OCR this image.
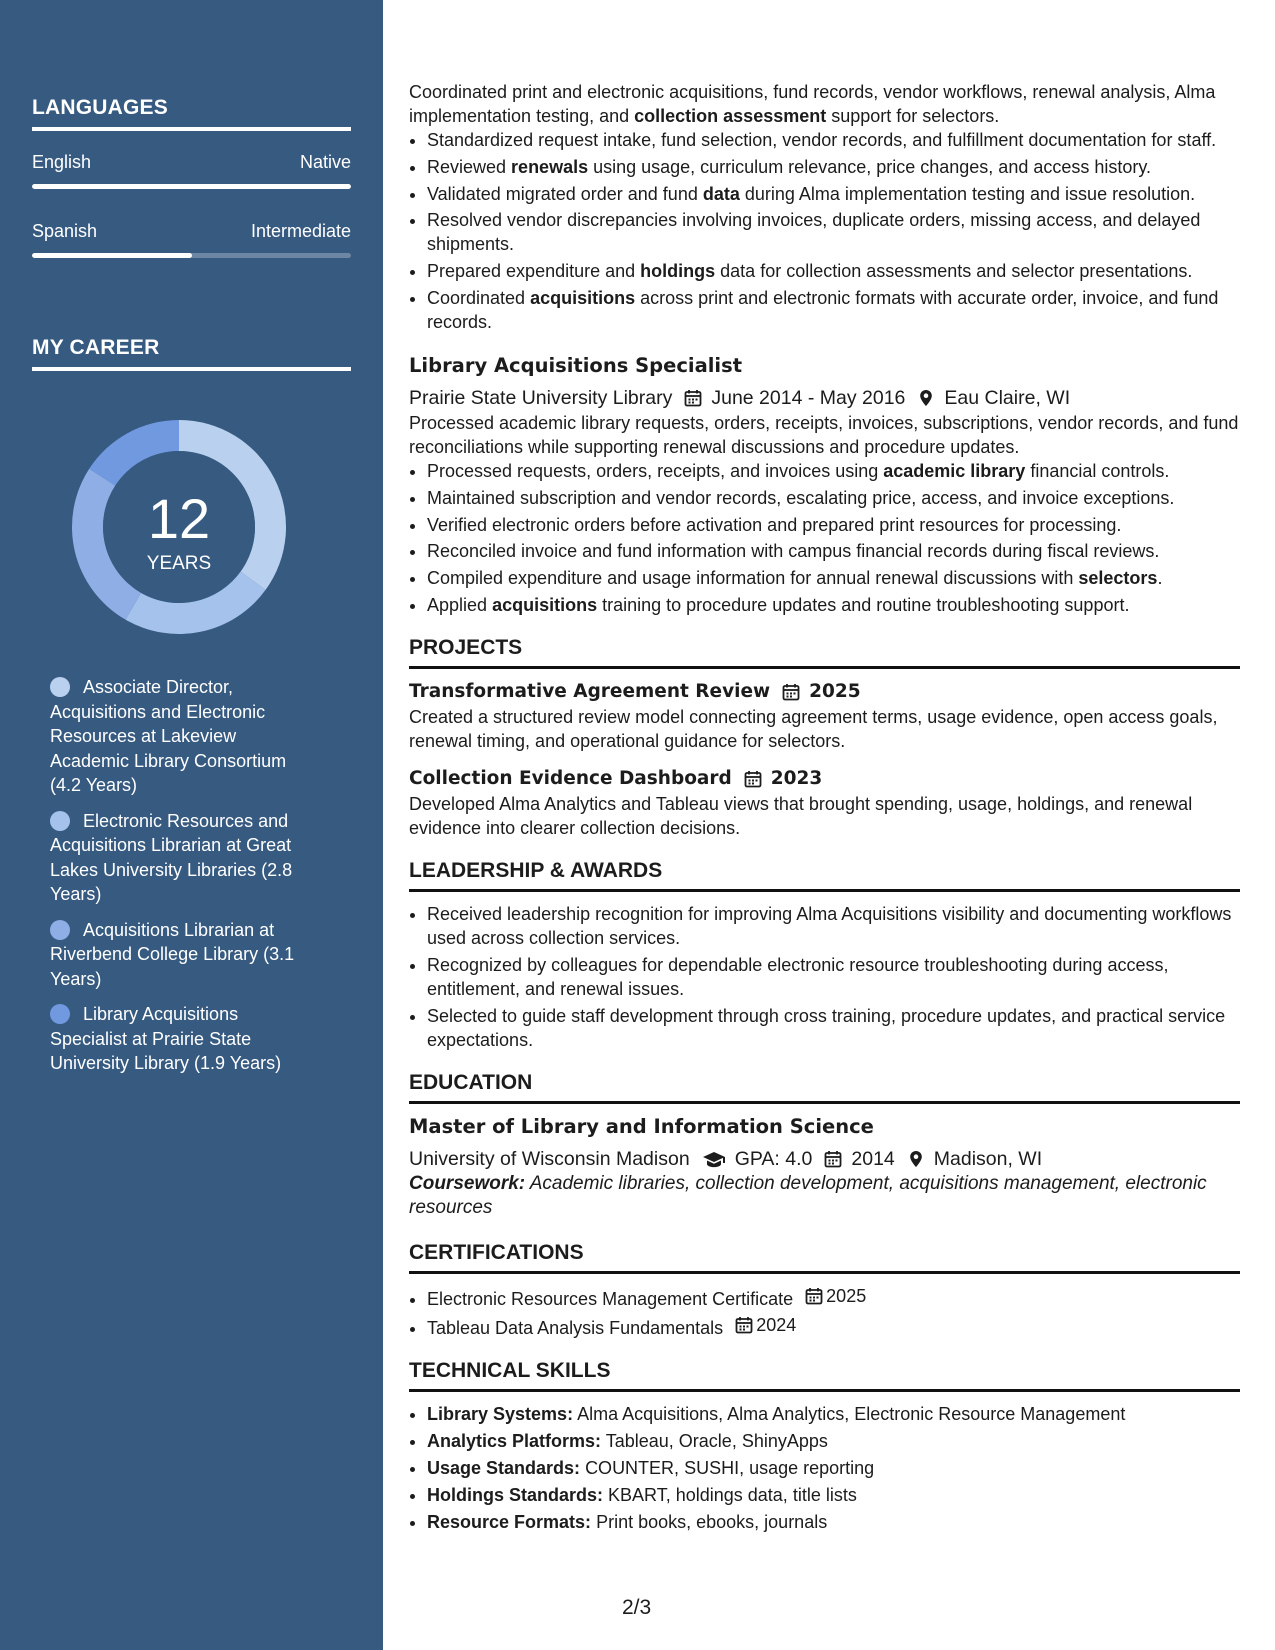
LANGUAGES
English	Native
Spanish	Intermediate
MY CAREER
12
YEARS
Associate Director, Acquisitions and Electronic Resources at Lakeview Academic Library Consortium (4.2 Years)
Electronic Resources and Acquisitions Librarian at Great Lakes University Libraries (2.8 Years)
Acquisitions Librarian at Riverbend College Library (3.1 Years)
Library Acquisitions Specialist at Prairie State University Library (1.9 Years)

Coordinated print and electronic acquisitions, fund records, vendor workflows, renewal analysis, Alma implementation testing, and collection assessment support for selectors.

• Standardized request intake, fund selection, vendor records, and fulfillment documentation for staff.
• Reviewed renewals using usage, curriculum relevance, price changes, and access history.
• Validated migrated order and fund data during Alma implementation testing and issue resolution.
• Resolved vendor discrepancies involving invoices, duplicate orders, missing access, and delayed shipments.
• Prepared expenditure and holdings data for collection assessments and selector presentations.
• Coordinated acquisitions across print and electronic formats with accurate order, invoice, and fund records.
Library Acquisitions Specialist
Prairie State University Library June 2014 - May 2016 Eau Claire, WI

Processed academic library requests, orders, receipts, invoices, subscriptions, vendor records, and fund reconciliations while supporting renewal discussions and procedure updates.

• Processed requests, orders, receipts, and invoices using academic library financial controls.
• Maintained subscription and vendor records, escalating price, access, and invoice exceptions.
• Verified electronic orders before activation and prepared print resources for processing.
• Reconciled invoice and fund information with campus financial records during fiscal reviews.
• Compiled expenditure and usage information for annual renewal discussions with selectors.
• Applied acquisitions training to procedure updates and routine troubleshooting support.
PROJECTS
Transformative Agreement Review 2025

Created a structured review model connecting agreement terms, usage evidence, open access goals, renewal timing, and operational guidance for selectors.

Collection Evidence Dashboard 2023

Developed Alma Analytics and Tableau views that brought spending, usage, holdings, and renewal evidence into clearer collection decisions.

LEADERSHIP & AWARDS
• Received leadership recognition for improving Alma Acquisitions visibility and documenting workflows used across collection services.
• Recognized by colleagues for dependable electronic resource troubleshooting during access, entitlement, and renewal issues.
• Selected to guide staff development through cross training, procedure updates, and practical service expectations.
EDUCATION
Master of Library and Information Science
University of Wisconsin Madison GPA: 4.0 2014 Madison, WI

Coursework: Academic libraries, collection development, acquisitions management, electronic resources

CERTIFICATIONS
• Electronic Resources Management Certificate 2025
• Tableau Data Analysis Fundamentals 2024
TECHNICAL SKILLS
• Library Systems: Alma Acquisitions, Alma Analytics, Electronic Resource Management
• Analytics Platforms: Tableau, Oracle, ShinyApps
• Usage Standards: COUNTER, SUSHI, usage reporting
• Holdings Standards: KBART, holdings data, title lists
• Resource Formats: Print books, ebooks, journals
2/3
